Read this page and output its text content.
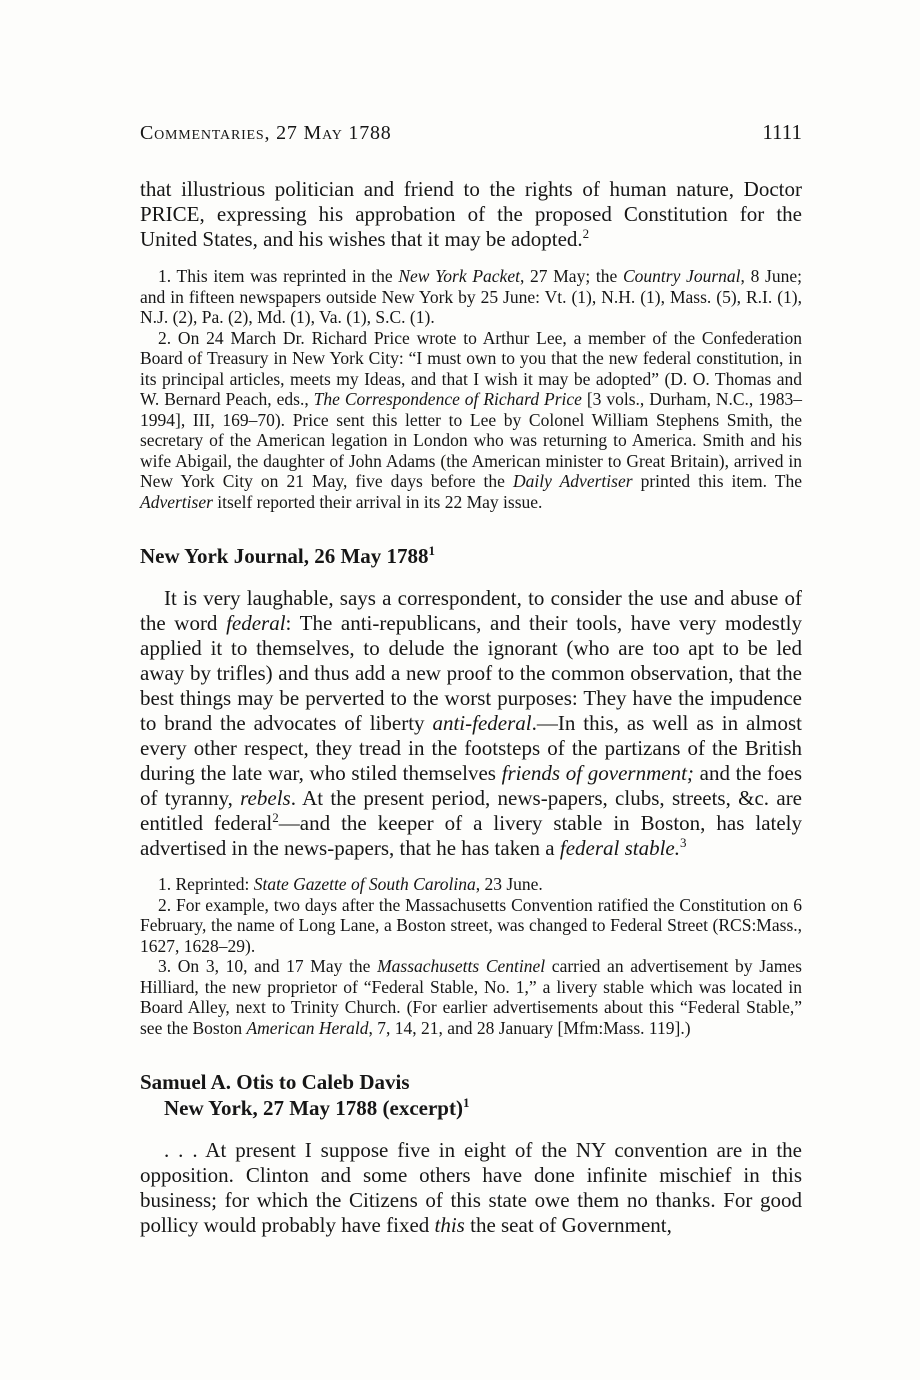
Commentaries, 27 May 1788	1111

that illustrious politician and friend to the rights of human nature, Doctor PRICE, expressing his approbation of the proposed Constitution for the United States, and his wishes that it may be adopted.$^2$

1. This item was reprinted in the New York Packet, 27 May; the Country Journal, 8 June; and in fifteen newspapers outside New York by 25 June: Vt. (1), N.H. (1), Mass. (5), R.I. (1), N.J. (2), Pa. (2), Md. (1), Va. (1), S.C. (1).

2. On 24 March Dr. Richard Price wrote to Arthur Lee, a member of the Confederation Board of Treasury in New York City: “I must own to you that the new federal constitution, in its principal articles, meets my Ideas, and that I wish it may be adopted” (D. O. Thomas and W. Bernard Peach, eds., The Correspondence of Richard Price [3 vols., Durham, N.C., 1983–1994], III, 169–70). Price sent this letter to Lee by Colonel William Stephens Smith, the secretary of the American legation in London who was returning to America. Smith and his wife Abigail, the daughter of John Adams (the American minister to Great Britain), arrived in New York City on 21 May, five days before the Daily Advertiser printed this item. The Advertiser itself reported their arrival in its 22 May issue.

New York Journal, 26 May 1788$^1$

It is very laughable, says a correspondent, to consider the use and abuse of the word federal: The anti-republicans, and their tools, have very modestly applied it to themselves, to delude the ignorant (who are too apt to be led away by trifles) and thus add a new proof to the common observation, that the best things may be perverted to the worst purposes: They have the impudence to brand the advocates of liberty anti-federal.—In this, as well as in almost every other respect, they tread in the footsteps of the partizans of the British during the late war, who stiled themselves friends of government; and the foes of tyranny, rebels. At the present period, news-papers, clubs, streets, &c. are entitled federal$^2$—and the keeper of a livery stable in Boston, has lately advertised in the news-papers, that he has taken a federal stable.$^3$

1. Reprinted: State Gazette of South Carolina, 23 June.

2. For example, two days after the Massachusetts Convention ratified the Constitution on 6 February, the name of Long Lane, a Boston street, was changed to Federal Street (RCS:Mass., 1627, 1628–29).

3. On 3, 10, and 17 May the Massachusetts Centinel carried an advertisement by James Hilliard, the new proprietor of “Federal Stable, No. 1,” a livery stable which was located in Board Alley, next to Trinity Church. (For earlier advertisements about this “Federal Stable,” see the Boston American Herald, 7, 14, 21, and 28 January [Mfm:Mass. 119].)

Samuel A. Otis to Caleb Davis
New York, 27 May 1788 (excerpt)$^1$

. . . At present I suppose five in eight of the NY convention are in the opposition. Clinton and some others have done infinite mischief in this business; for which the Citizens of this state owe them no thanks. For good pollicy would probably have fixed this the seat of Government,
